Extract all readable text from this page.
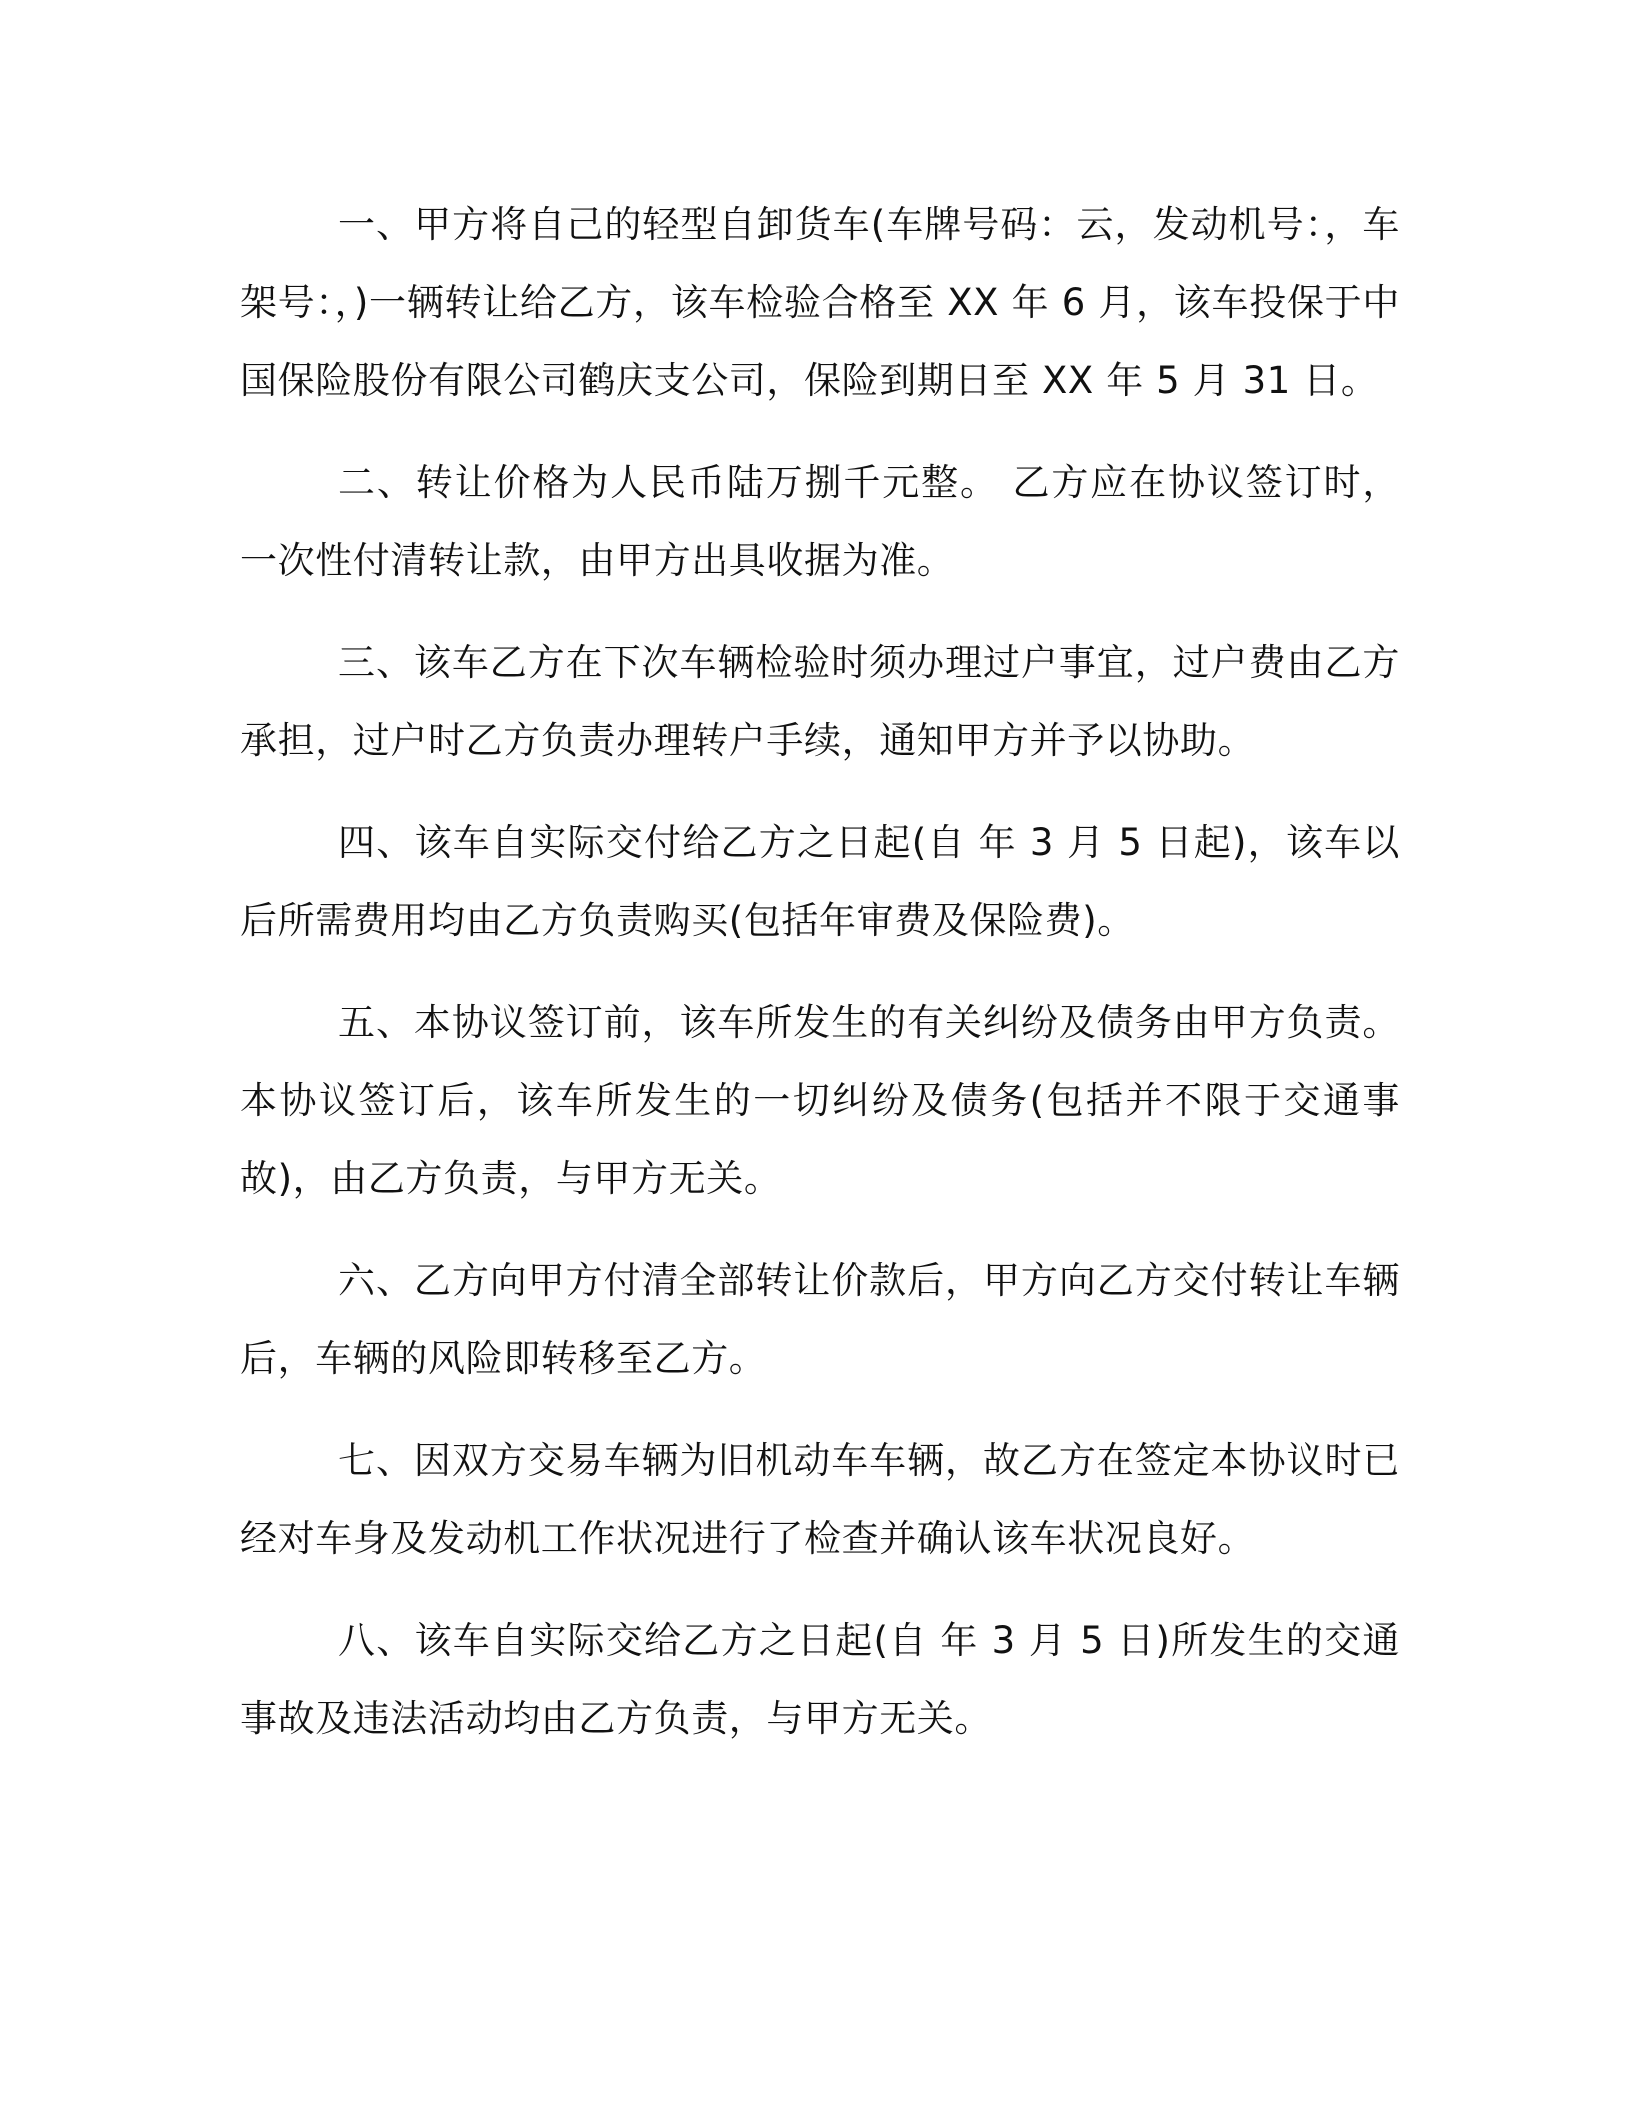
一、甲方将自己的轻型自卸货车(车牌号码：云，发动机号：，车架号：，)一辆转让给乙方，该车检验合格至 XX 年 6 月，该车投保于中国保险股份有限公司鹤庆支公司，保险到期日至 XX 年 5 月 31 日。

二、转让价格为人民币陆万捌千元整。 乙方应在协议签订时，一次性付清转让款，由甲方出具收据为准。

三、该车乙方在下次车辆检验时须办理过户事宜，过户费由乙方承担，过户时乙方负责办理转户手续，通知甲方并予以协助。

四、该车自实际交付给乙方之日起(自 年 3 月 5 日起)，该车以后所需费用均由乙方负责购买(包括年审费及保险费)。

五、本协议签订前，该车所发生的有关纠纷及债务由甲方负责。本协议签订后，该车所发生的一切纠纷及债务(包括并不限于交通事故)，由乙方负责，与甲方无关。

六、乙方向甲方付清全部转让价款后，甲方向乙方交付转让车辆后，车辆的风险即转移至乙方。

七、因双方交易车辆为旧机动车车辆，故乙方在签定本协议时已经对车身及发动机工作状况进行了检查并确认该车状况良好。

八、该车自实际交给乙方之日起(自 年 3 月 5 日)所发生的交通事故及违法活动均由乙方负责，与甲方无关。
